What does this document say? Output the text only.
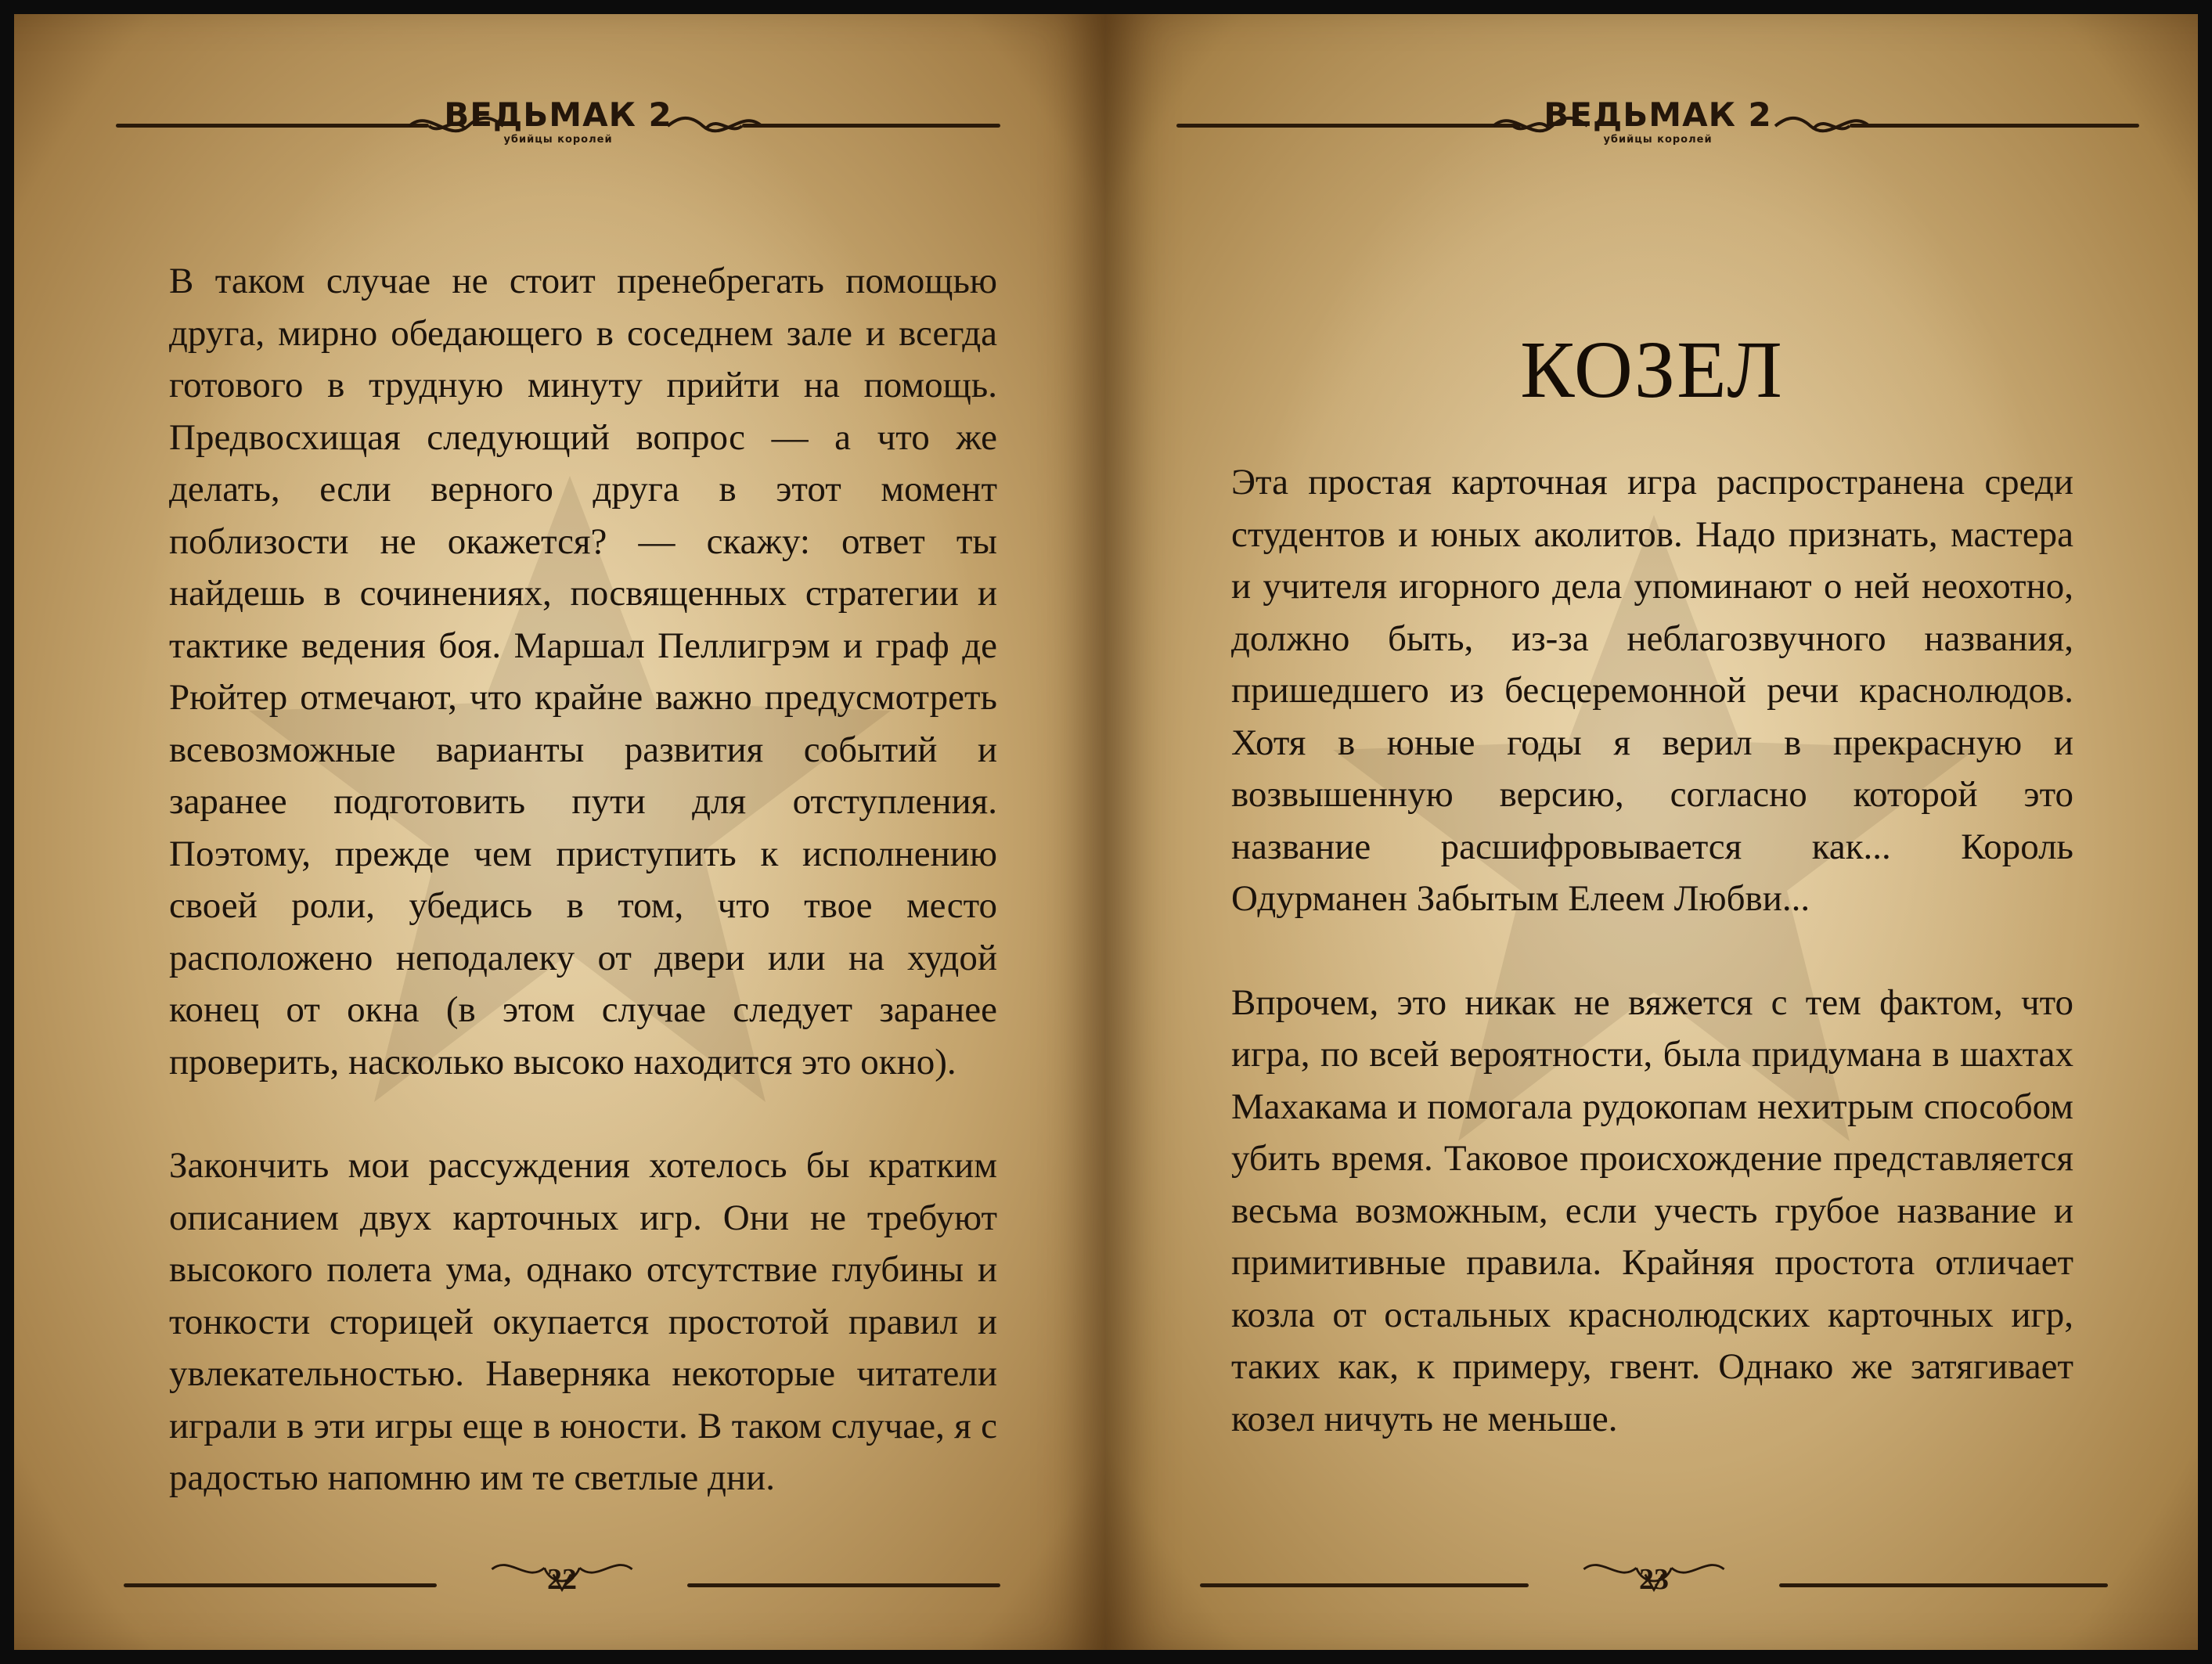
ВЕДЬМАК 2
убийцы королей

В таком случае не стоит пренебрегать помощью друга, мирно обедающего в соседнем зале и всегда готового в трудную минуту прийти на помощь. Предвосхищая следующий вопрос — а что же делать, если верного друга в этот момент поблизости не окажется? — скажу: ответ ты найдешь в сочинениях, посвященных стратегии и тактике ведения боя. Маршал Пеллигрэм и граф де Рюйтер отмечают, что крайне важно предусмотреть всевозможные варианты развития событий и заранее подготовить пути для отступления. Поэтому, прежде чем приступить к исполнению своей роли, убедись в том, что твое место расположено неподалеку от двери или на худой конец от окна (в этом случае следует заранее проверить, насколько высоко находится это окно).

Закончить мои рассуждения хотелось бы кратким описанием двух карточных игр. Они не требуют высокого полета ума, однако отсутствие глубины и тонкости сторицей окупается простотой правил и увлекательностью. Наверняка некоторые читатели играли в эти игры еще в юности. В таком случае, я с радостью напомню им те светлые дни.

22
ВЕДЬМАК 2
убийцы королей
КОЗЕЛ

Эта простая карточная игра распространена среди студентов и юных аколитов. Надо признать, мастера и учителя игорного дела упоминают о ней неохотно, должно быть, из-за неблагозвучного названия, пришедшего из бесцеремонной речи краснолюдов. Хотя в юные годы я верил в прекрасную и возвышенную версию, согласно которой это название расшифровывается как... Король Одурманен Забытым Елеем Любви...

Впрочем, это никак не вяжется с тем фактом, что игра, по всей вероятности, была придумана в шахтах Махакама и помогала рудокопам нехитрым способом убить время. Таковое происхождение представляется весьма возможным, если учесть грубое название и примитивные правила. Крайняя простота отличает козла от остальных краснолюдских карточных игр, таких как, к примеру, гвент. Однако же затягивает козел ничуть не меньше.

23
